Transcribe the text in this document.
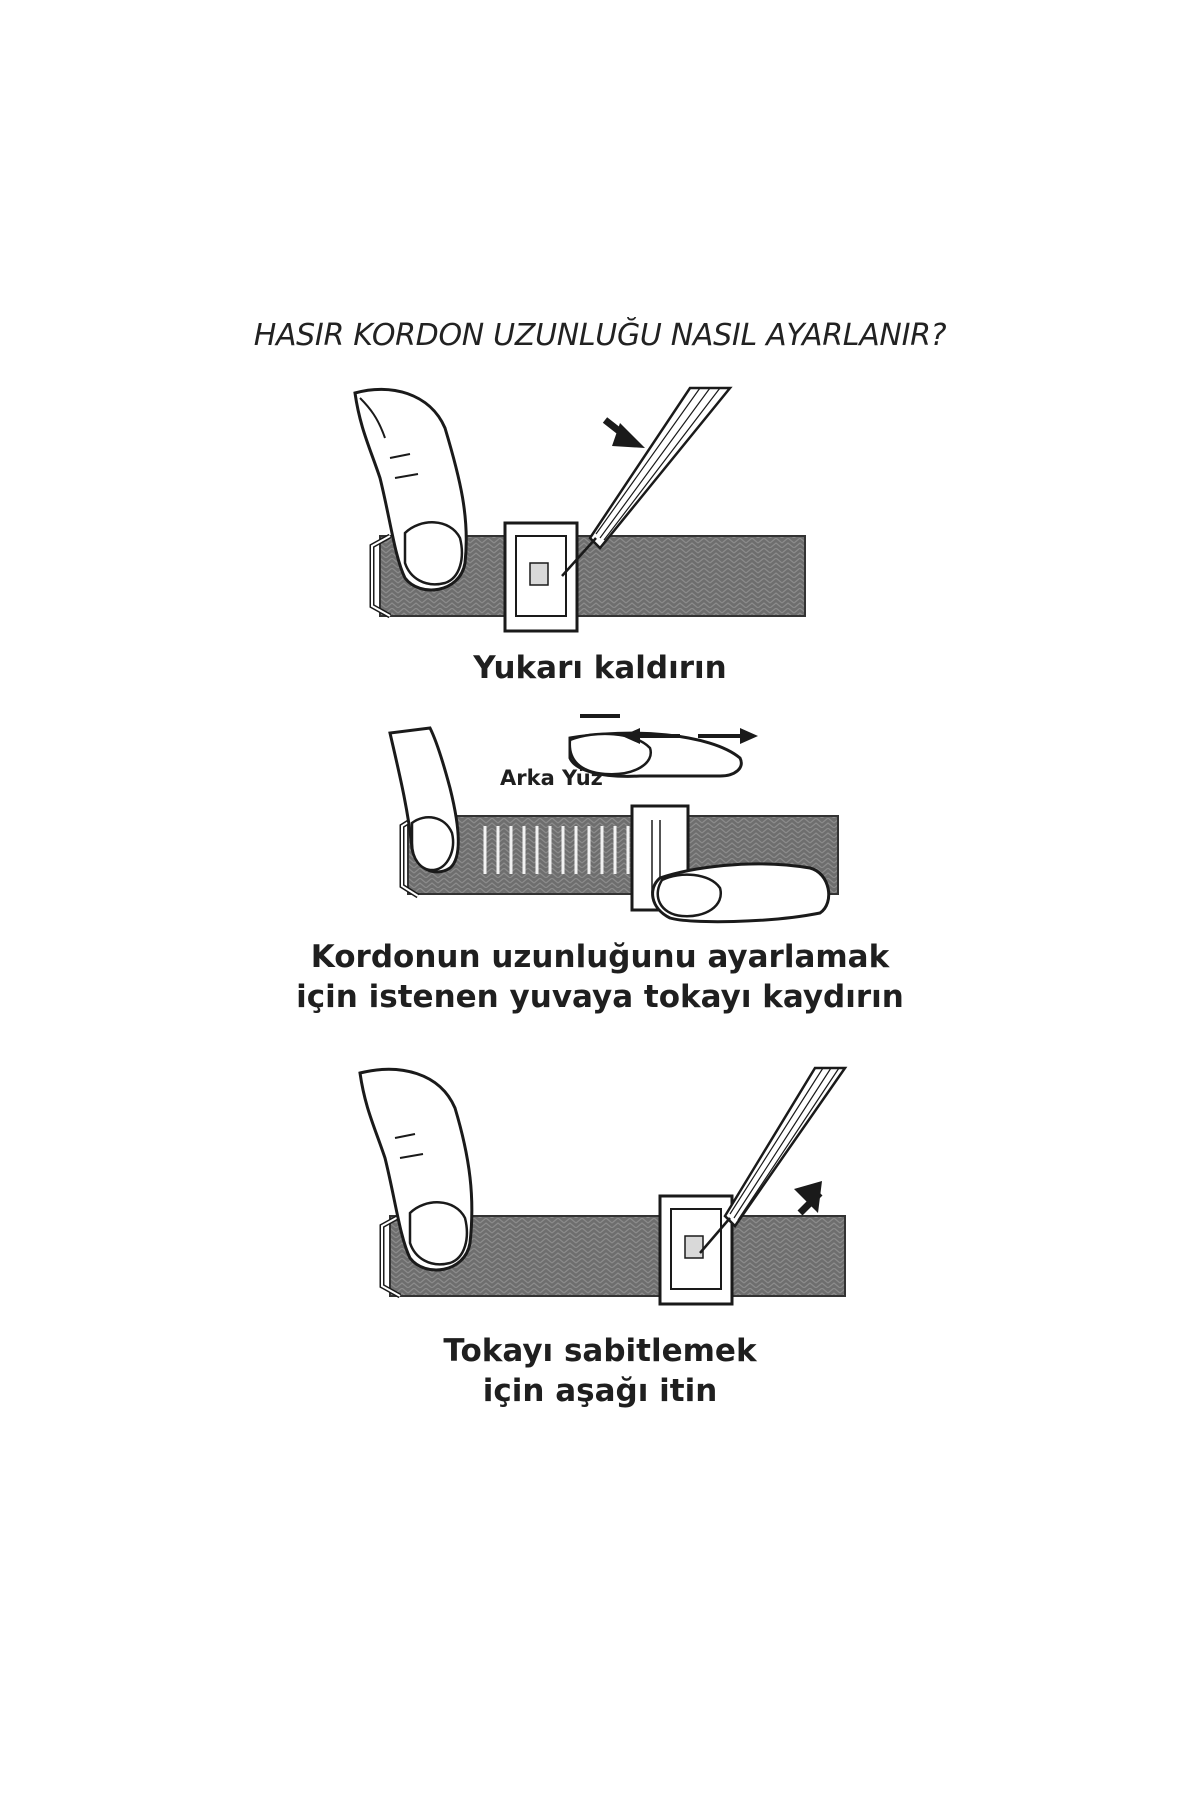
HASIR KORDON UZUNLUĞU NASIL AYARLANIR?
Yukarı kaldırın
Arka Yüz
Kordonun uzunluğunu ayarlamak
için istenen yuvaya tokayı kaydırın
Tokayı sabitlemek
için aşağı itin
